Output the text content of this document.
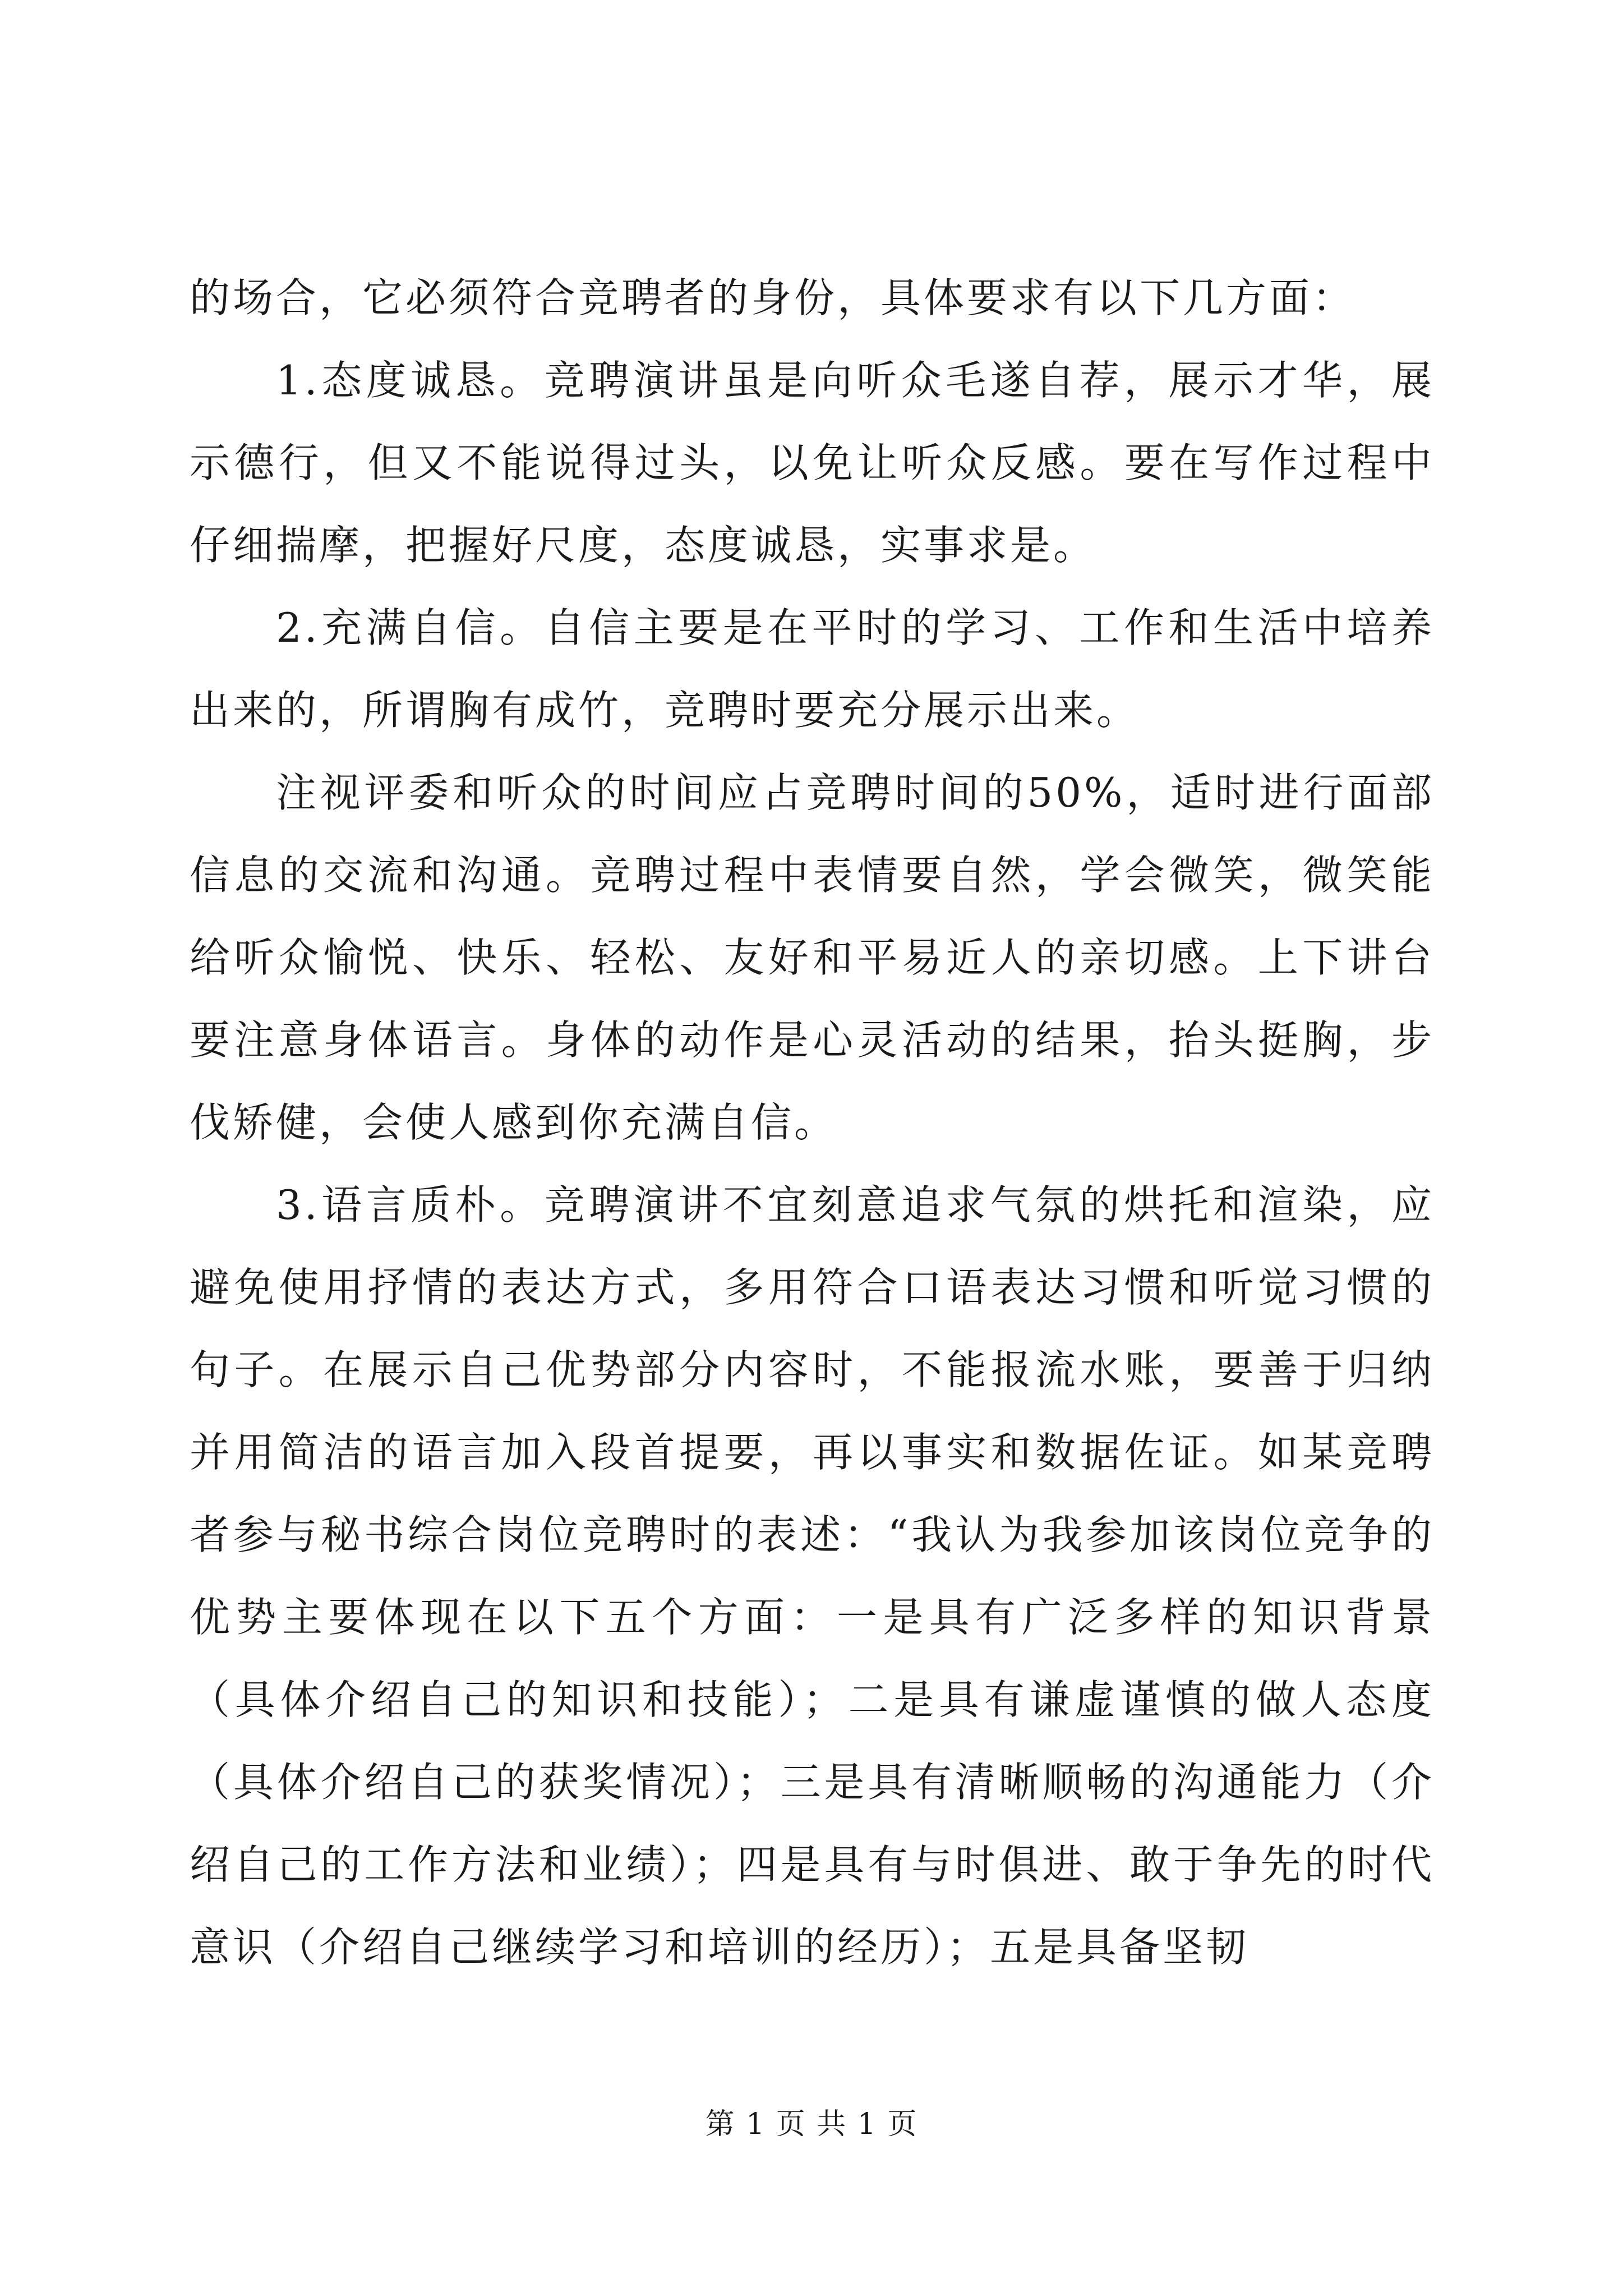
的场合，它必须符合竞聘者的身份，具体要求有以下几方面：

1.态度诚恳。竞聘演讲虽是向听众毛遂自荐，展示才华，展示德行，但又不能说得过头，以免让听众反感。要在写作过程中仔细揣摩，把握好尺度，态度诚恳，实事求是。

2.充满自信。自信主要是在平时的学习、工作和生活中培养出来的，所谓胸有成竹，竞聘时要充分展示出来。

注视评委和听众的时间应占竞聘时间的50%，适时进行面部信息的交流和沟通。竞聘过程中表情要自然，学会微笑，微笑能给听众愉悦、快乐、轻松、友好和平易近人的亲切感。上下讲台要注意身体语言。身体的动作是心灵活动的结果，抬头挺胸，步伐矫健，会使人感到你充满自信。

3.语言质朴。竞聘演讲不宜刻意追求气氛的烘托和渲染，应避免使用抒情的表达方式，多用符合口语表达习惯和听觉习惯的句子。在展示自己优势部分内容时，不能报流水账，要善于归纳并用简洁的语言加入段首提要，再以事实和数据佐证。如某竞聘者参与秘书综合岗位竞聘时的表述：“我认为我参加该岗位竞争的优势主要体现在以下五个方面：一是具有广泛多样的知识背景（具体介绍自己的知识和技能）；二是具有谦虚谨慎的做人态度（具体介绍自己的获奖情况）；三是具有清晰顺畅的沟通能力（介绍自己的工作方法和业绩）；四是具有与时俱进、敢于争先的时代意识（介绍自己继续学习和培训的经历）；五是具备坚韧

第 1 页 共 1 页
